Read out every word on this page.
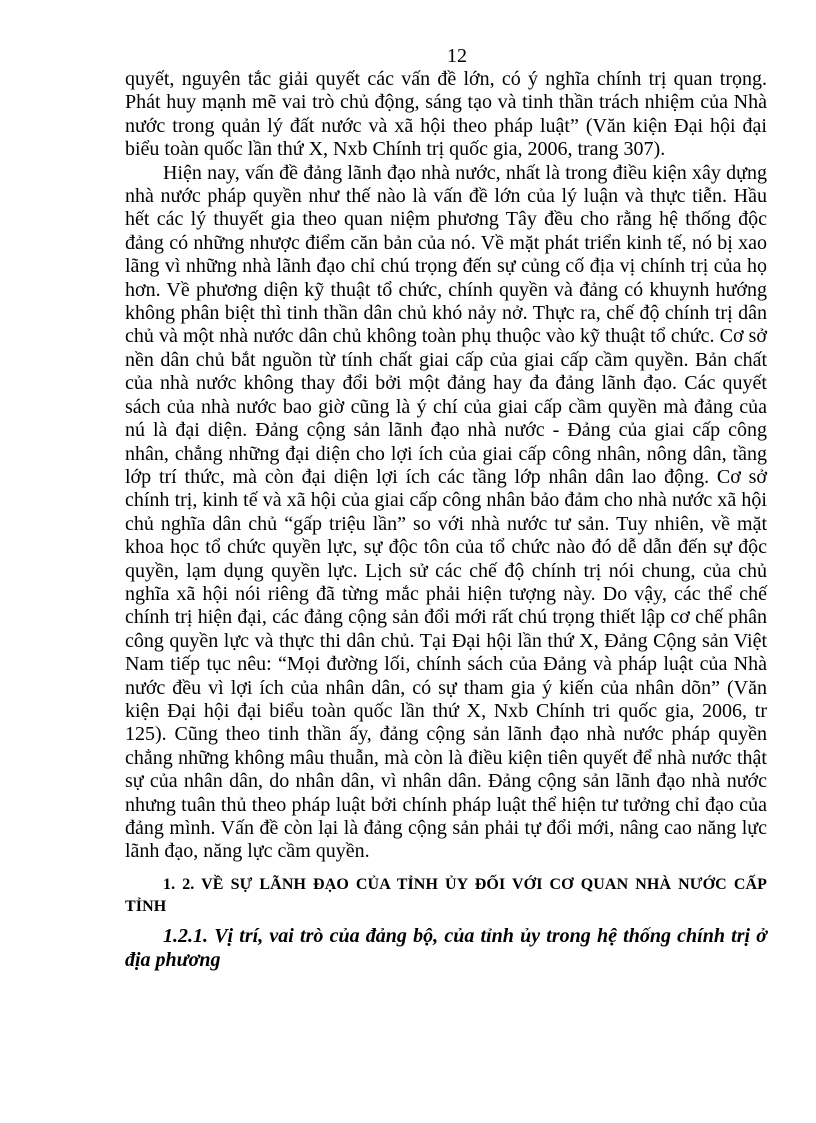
12

quyết, nguyên tắc giải quyết các vấn đề lớn, có ý nghĩa chính trị quan trọng. Phát huy mạnh mẽ vai trò chủ động, sáng tạo và tinh thần trách nhiệm của Nhà nước trong quản lý đất nước và xã hội theo pháp luật” (Văn kiện Đại hội đại biểu toàn quốc lần thứ X, Nxb Chính trị quốc gia, 2006, trang 307).

Hiện nay, vấn đề đảng lãnh đạo nhà nước, nhất là trong điều kiện xây dựng nhà nước pháp quyền như thế nào là vấn đề lớn của lý luận và thực tiễn. Hầu hết các lý thuyết gia theo quan niệm phương Tây đều cho rằng hệ thống độc đảng có những nhược điểm căn bản của nó. Về mặt phát triển kinh tế, nó bị xao lãng vì những nhà lãnh đạo chỉ chú trọng đến sự củng cố địa vị chính trị của họ hơn. Về phương diện kỹ thuật tổ chức, chính quyền và đảng có khuynh hướng không phân biệt thì tinh thần dân chủ khó nảy nở. Thực ra, chế độ chính trị dân chủ và một nhà nước dân chủ không toàn phụ thuộc vào kỹ thuật tổ chức. Cơ sở nền dân chủ bắt nguồn từ tính chất giai cấp của giai cấp cầm quyền. Bản chất của nhà nước không thay đổi bởi một đảng hay đa đảng lãnh đạo. Các quyết sách của nhà nước bao giờ cũng là ý chí của giai cấp cầm quyền mà đảng của nú là đại diện. Đảng cộng sản lãnh đạo nhà nước - Đảng của giai cấp công nhân, chẳng những đại diện cho lợi ích của giai cấp công nhân, nông dân, tầng lớp trí thức, mà còn đại diện lợi ích các tầng lớp nhân dân lao động. Cơ sở chính trị, kinh tế và xã hội của giai cấp công nhân bảo đảm cho nhà nước xã hội chủ nghĩa dân chủ “gấp triệu lần” so với nhà nước tư sản. Tuy nhiên, về mặt khoa học tổ chức quyền lực, sự độc tôn của tổ chức nào đó dễ dẫn đến sự độc quyền, lạm dụng quyền lực. Lịch sử các chế độ chính trị nói chung, của chủ nghĩa xã hội nói riêng đã từng mắc phải hiện tượng này. Do vậy, các thể chế chính trị hiện đại, các đảng cộng sản đổi mới rất chú trọng thiết lập cơ chế phân công quyền lực và thực thi dân chủ. Tại Đại hội lần thứ X, Đảng Cộng sản Việt Nam tiếp tục nêu: “Mọi đường lối, chính sách của Đảng và pháp luật của Nhà nước đều vì lợi ích của nhân dân, có sự tham gia ý kiến của nhân dõn” (Văn kiện Đại hội đại biểu toàn quốc lần thứ X, Nxb Chính tri quốc gia, 2006, tr 125). Cũng theo tinh thần ấy, đảng cộng sản lãnh đạo nhà nước pháp quyền chẳng những không mâu thuẫn, mà còn là điều kiện tiên quyết để nhà nước thật sự của nhân dân, do nhân dân, vì nhân dân. Đảng cộng sản lãnh đạo nhà nước nhưng tuân thủ theo pháp luật bởi chính pháp luật thể hiện tư tưởng chỉ đạo của đảng mình. Vấn đề còn lại là đảng cộng sản phải tự đổi mới, nâng cao năng lực lãnh đạo, năng lực cầm quyền.

1. 2. VỀ SỰ LÃNH ĐẠO CỦA TỈNH ỦY ĐỐI VỚI CƠ QUAN NHÀ NƯỚC CẤP TỈNH
1.2.1. Vị trí, vai trò của đảng bộ, của tỉnh ủy trong hệ thống chính trị ở địa phương
